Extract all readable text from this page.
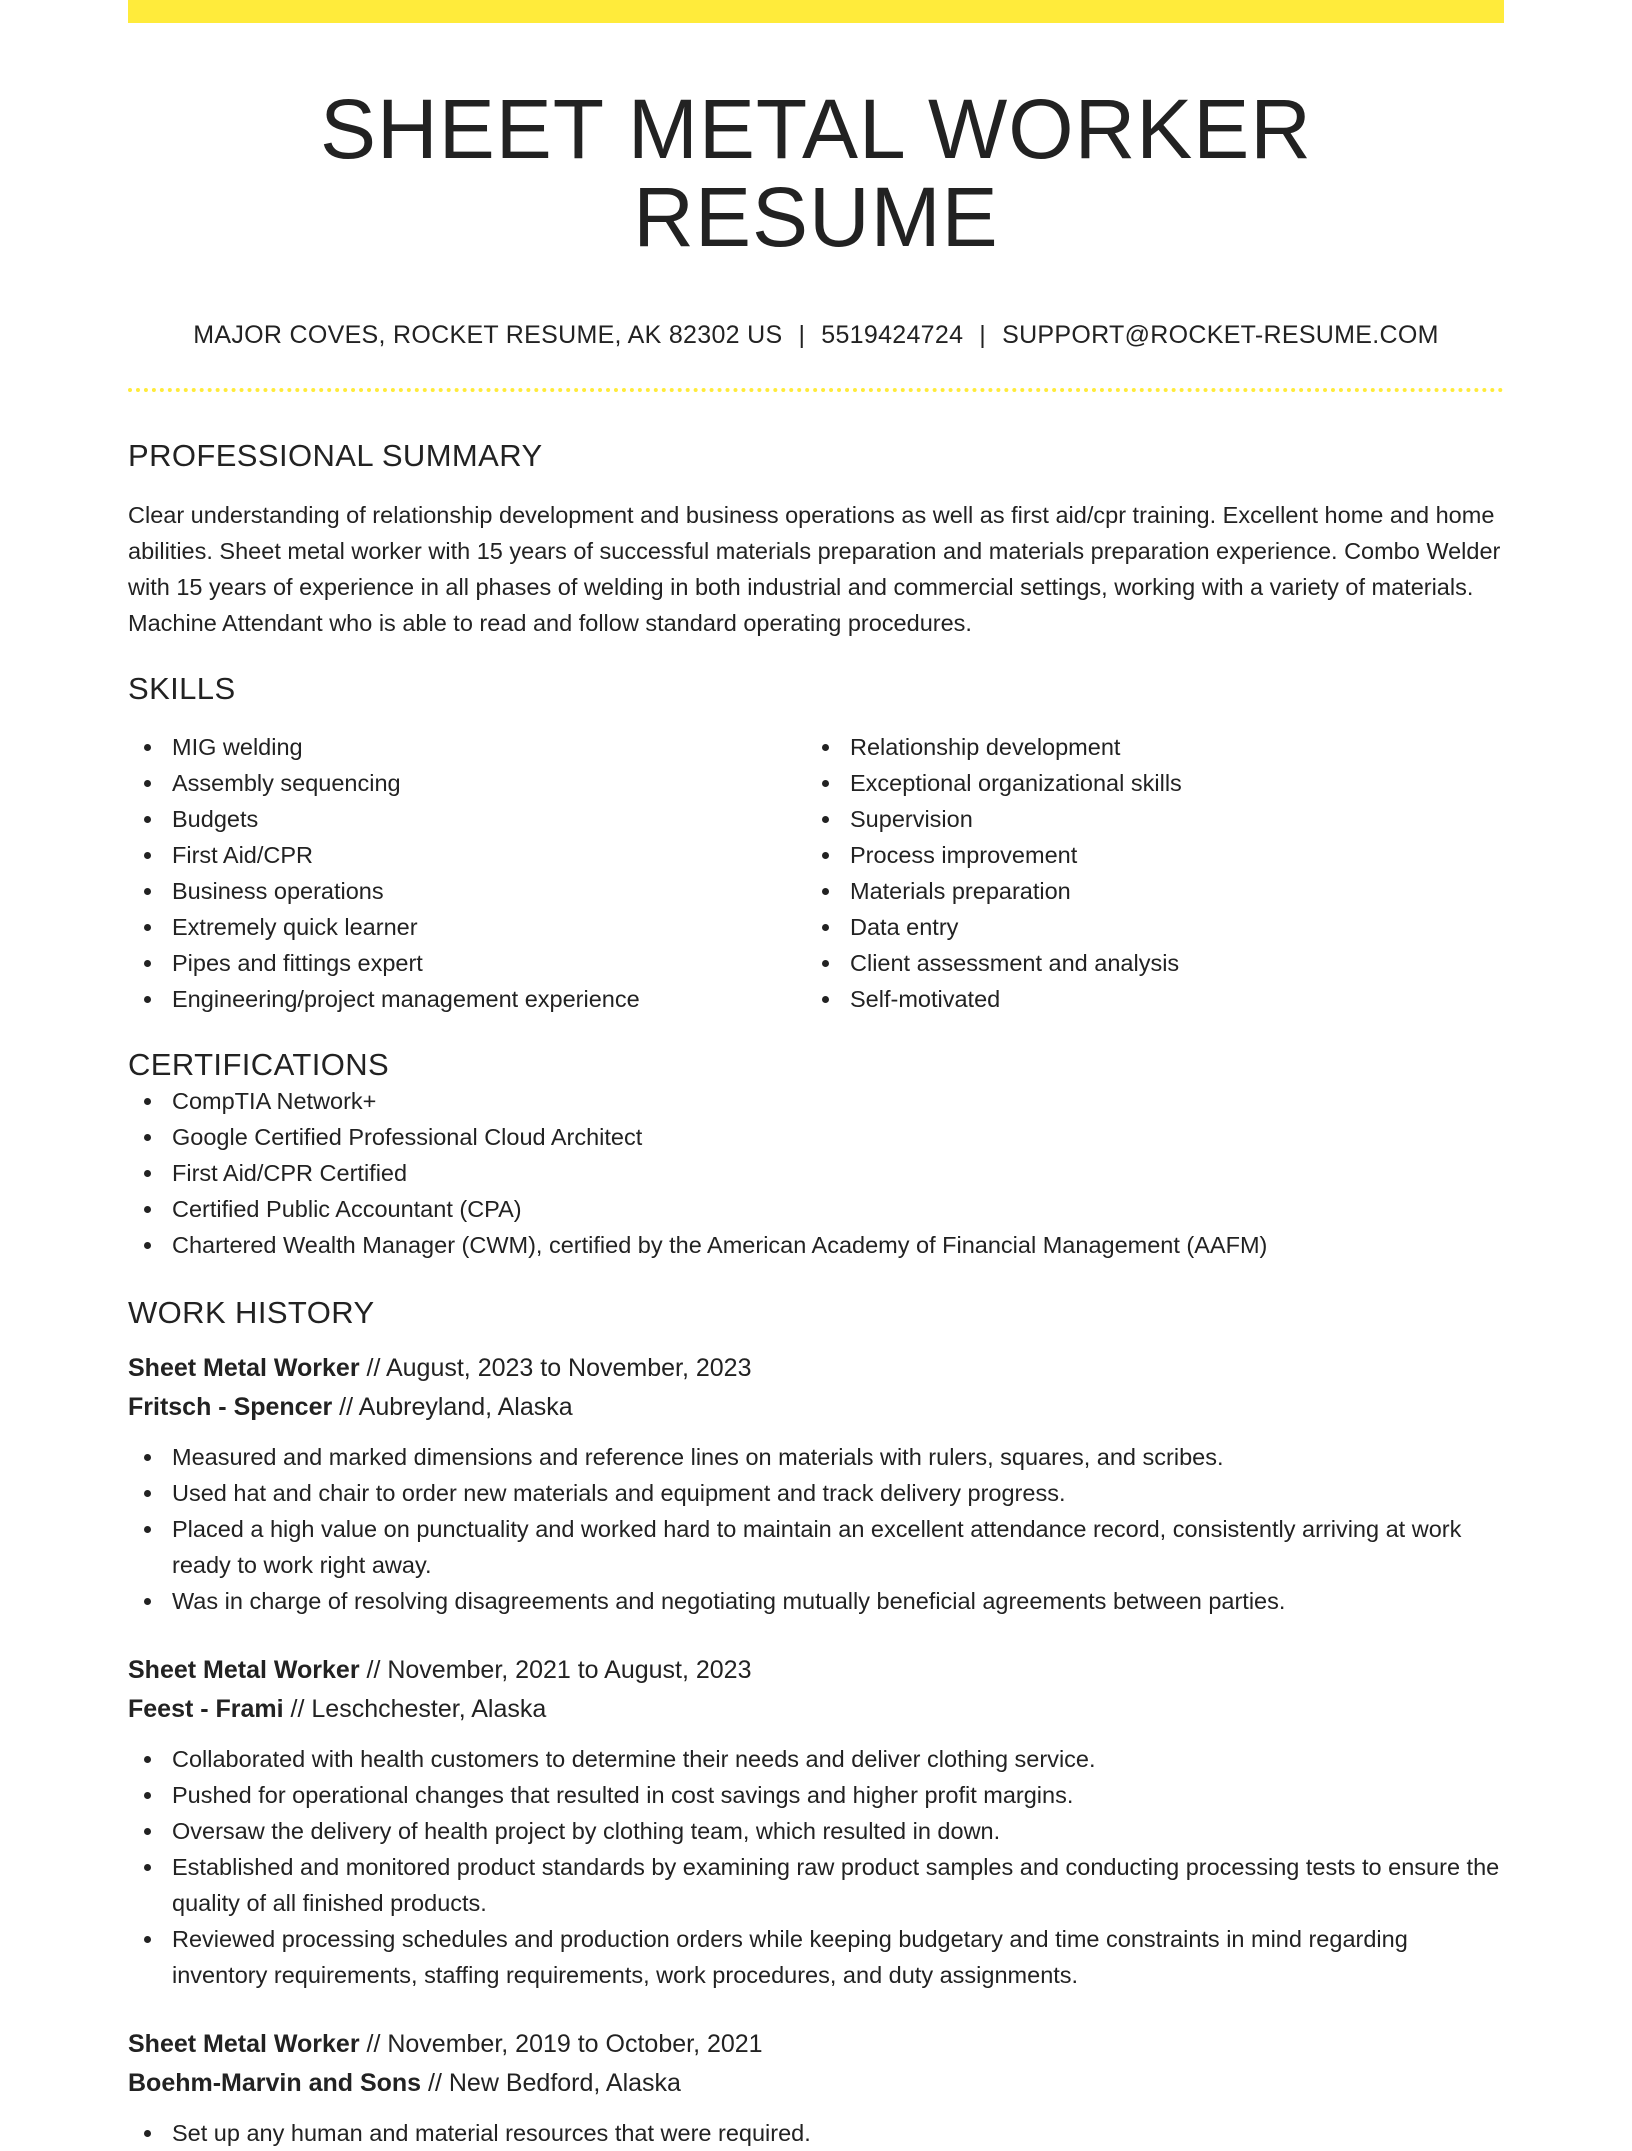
SHEET METAL WORKER RESUME
MAJOR COVES, ROCKET RESUME, AK 82302 US | 5519424724 | SUPPORT@ROCKET-RESUME.COM
PROFESSIONAL SUMMARY

Clear understanding of relationship development and business operations as well as first aid/cpr training. Excellent home and home abilities. Sheet metal worker with 15 years of successful materials preparation and materials preparation experience. Combo Welder with 15 years of experience in all phases of welding in both industrial and commercial settings, working with a variety of materials. Machine Attendant who is able to read and follow standard operating procedures.

SKILLS
MIG welding
Assembly sequencing
Budgets
First Aid/CPR
Business operations
Extremely quick learner
Pipes and fittings expert
Engineering/project management experience
Relationship development
Exceptional organizational skills
Supervision
Process improvement
Materials preparation
Data entry
Client assessment and analysis
Self-motivated
CERTIFICATIONS
CompTIA Network+
Google Certified Professional Cloud Architect
First Aid/CPR Certified
Certified Public Accountant (CPA)
Chartered Wealth Manager (CWM), certified by the American Academy of Financial Management (AAFM)
WORK HISTORY
Sheet Metal Worker // August, 2023 to November, 2023
Fritsch - Spencer // Aubreyland, Alaska
Measured and marked dimensions and reference lines on materials with rulers, squares, and scribes.
Used hat and chair to order new materials and equipment and track delivery progress.
Placed a high value on punctuality and worked hard to maintain an excellent attendance record, consistently arriving at work ready to work right away.
Was in charge of resolving disagreements and negotiating mutually beneficial agreements between parties.
Sheet Metal Worker // November, 2021 to August, 2023
Feest - Frami // Leschchester, Alaska
Collaborated with health customers to determine their needs and deliver clothing service.
Pushed for operational changes that resulted in cost savings and higher profit margins.
Oversaw the delivery of health project by clothing team, which resulted in down.
Established and monitored product standards by examining raw product samples and conducting processing tests to ensure the quality of all finished products.
Reviewed processing schedules and production orders while keeping budgetary and time constraints in mind regarding inventory requirements, staffing requirements, work procedures, and duty assignments.
Sheet Metal Worker // November, 2019 to October, 2021
Boehm-Marvin and Sons // New Bedford, Alaska
Set up any human and material resources that were required.
